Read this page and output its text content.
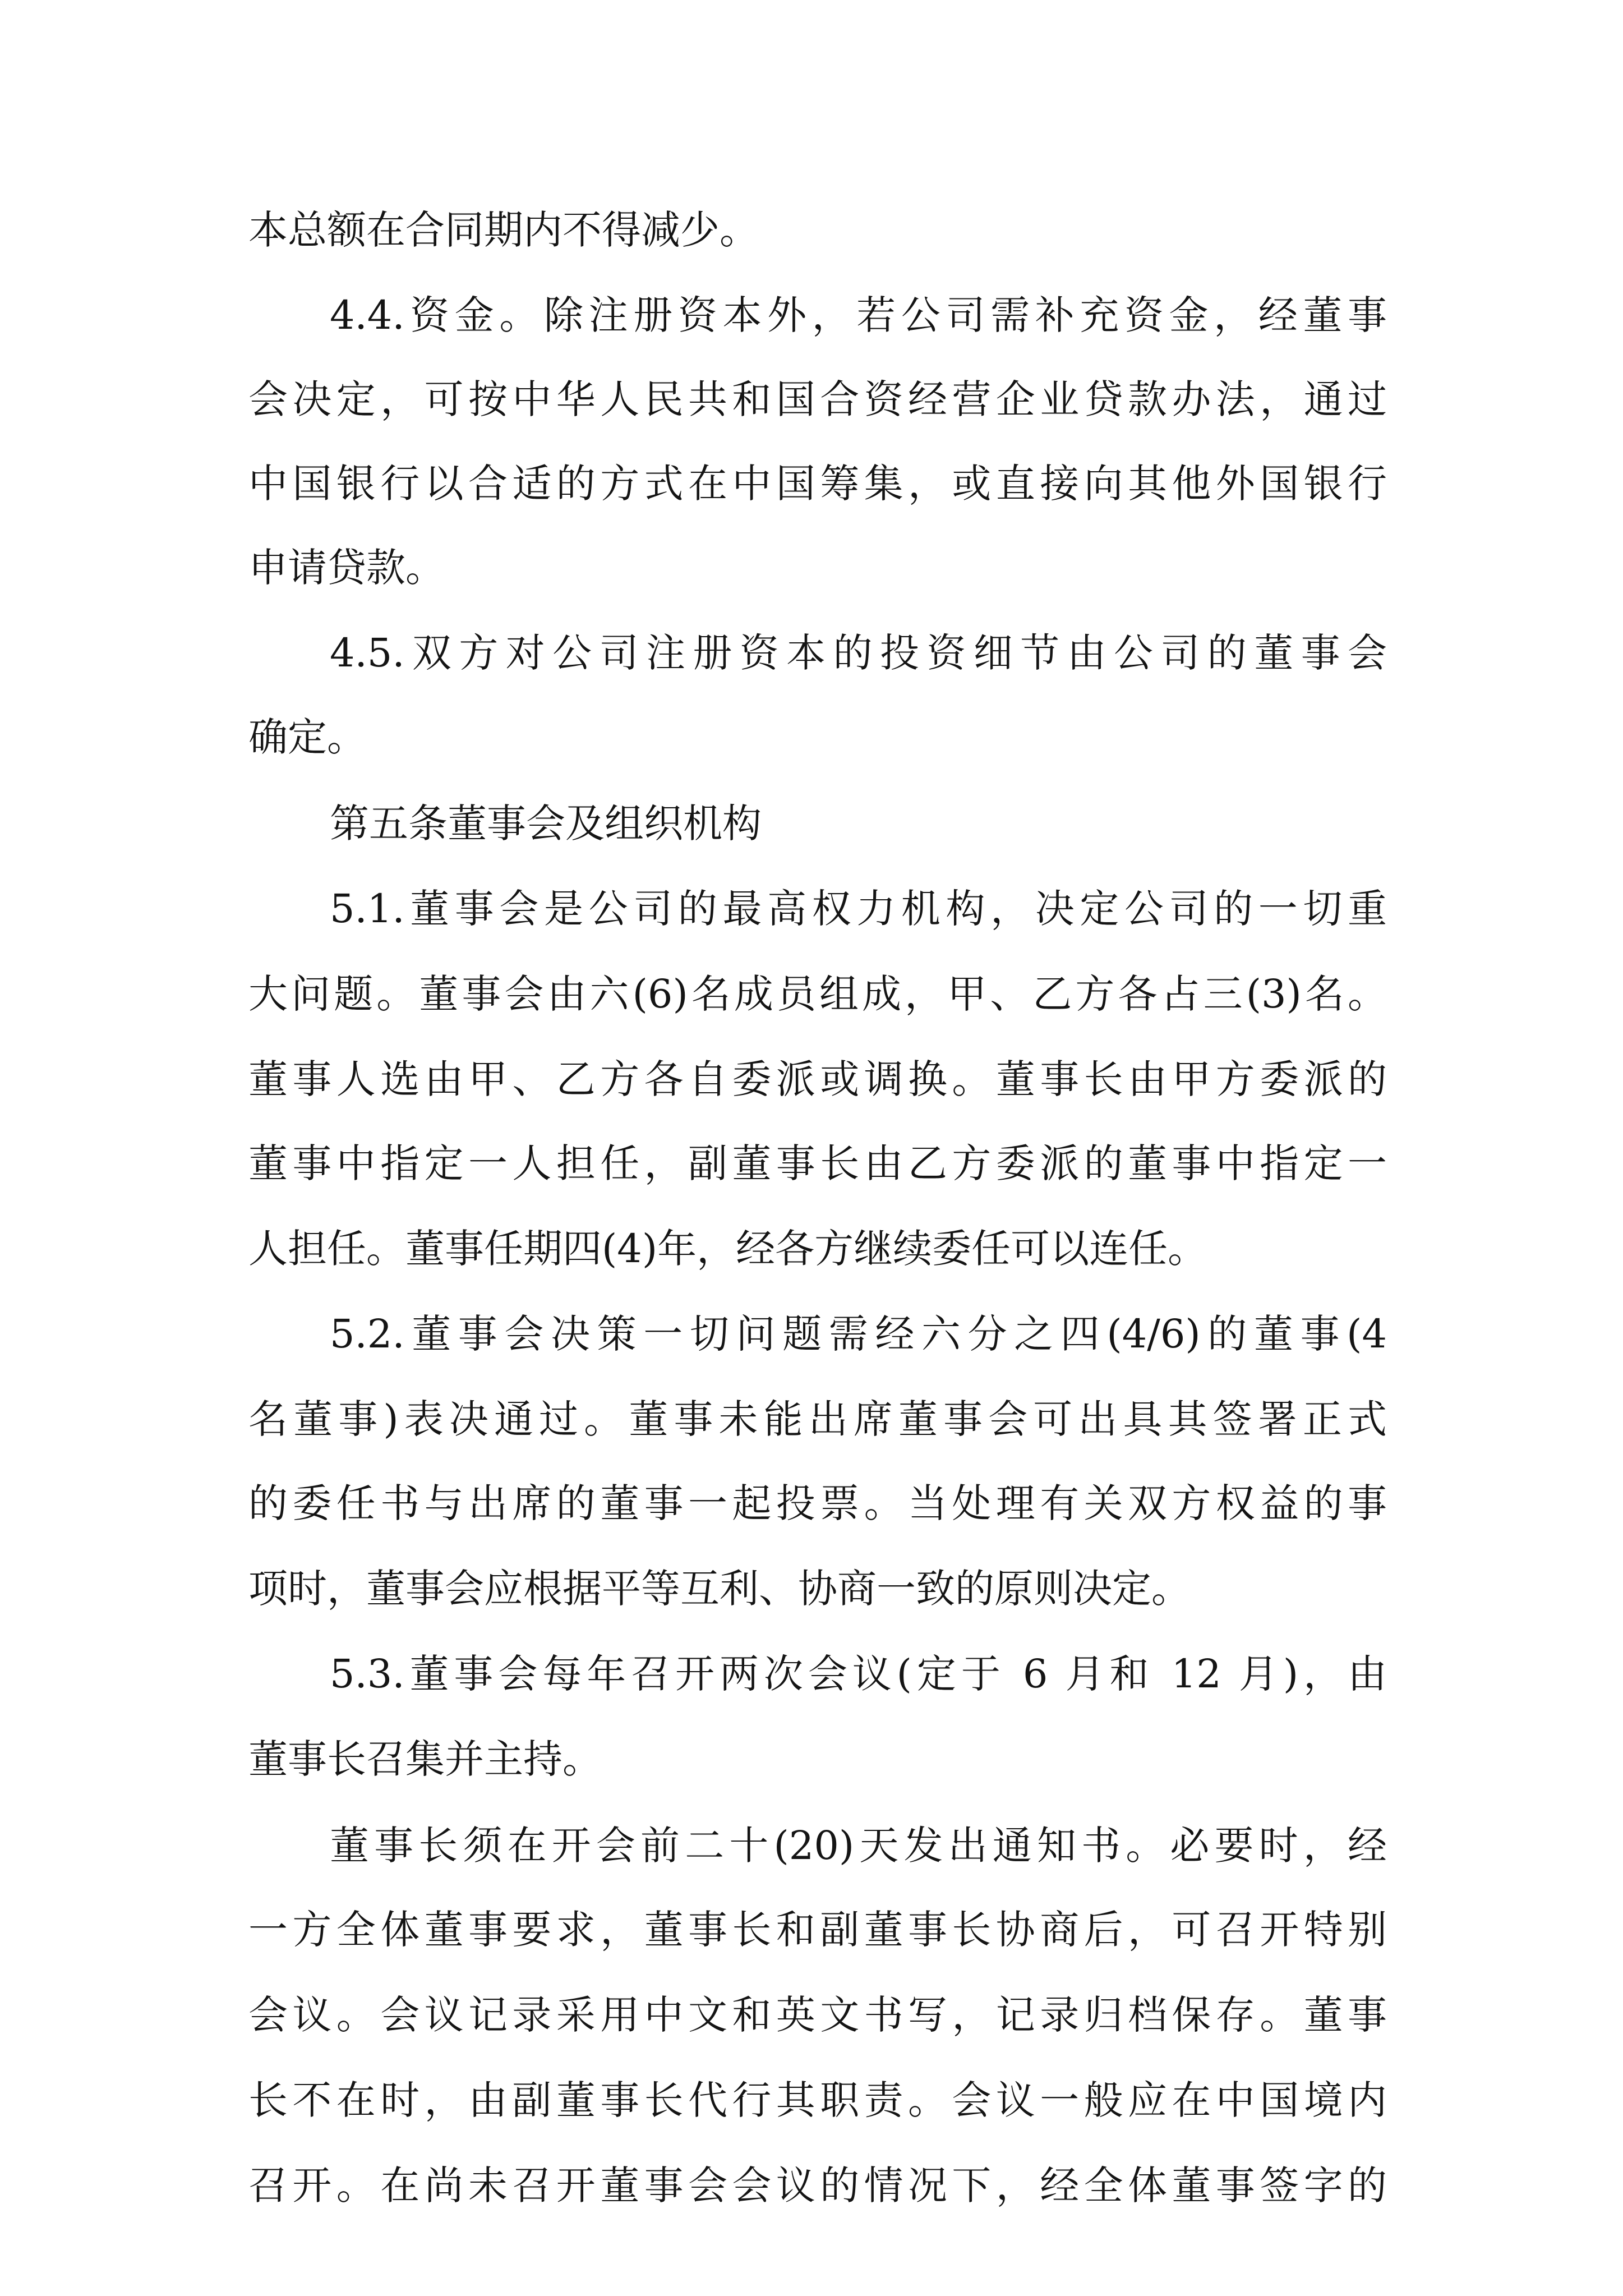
本总额在合同期内不得减少。
4.4.资金。除注册资本外，若公司需补充资金，经董事
会决定，可按中华人民共和国合资经营企业贷款办法，通过
中国银行以合适的方式在中国筹集，或直接向其他外国银行
申请贷款。
4.5.双方对公司注册资本的投资细节由公司的董事会
确定。
第五条董事会及组织机构
5.1.董事会是公司的最高权力机构，决定公司的一切重
大问题。董事会由六(6)名成员组成，甲、乙方各占三(3)名。
董事人选由甲、乙方各自委派或调换。董事长由甲方委派的
董事中指定一人担任，副董事长由乙方委派的董事中指定一
人担任。董事任期四(4)年，经各方继续委任可以连任。
5.2.董事会决策一切问题需经六分之四(4/6)的董事(4
名董事)表决通过。董事未能出席董事会可出具其签署正式
的委任书与出席的董事一起投票。当处理有关双方权益的事
项时，董事会应根据平等互利、协商一致的原则决定。
5.3.董事会每年召开两次会议(定于 6 月和 12 月)，由
董事长召集并主持。
董事长须在开会前二十(20)天发出通知书。必要时，经
一方全体董事要求，董事长和副董事长协商后，可召开特别
会议。会议记录采用中文和英文书写，记录归档保存。董事
长不在时，由副董事长代行其职责。会议一般应在中国境内
召开。在尚未召开董事会会议的情况下，经全体董事签字的
